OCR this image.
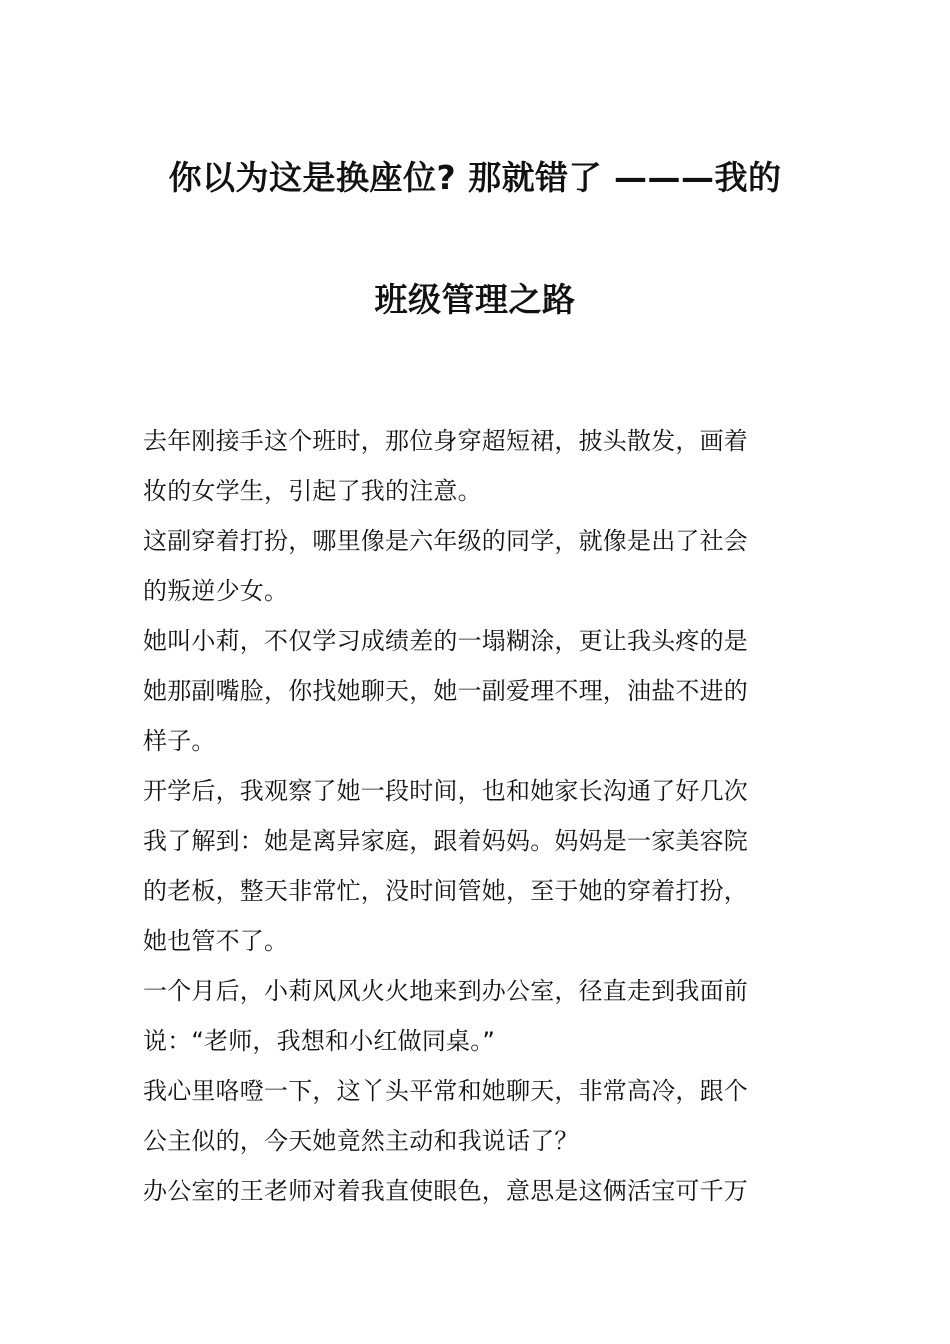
你以为这是换座位? 那就错了 ———我的
班级管理之路
去年刚接手这个班时，那位身穿超短裙，披头散发，画着
妆的女学生，引起了我的注意。
这副穿着打扮，哪里像是六年级的同学，就像是出了社会
的叛逆少女。
她叫小莉，不仅学习成绩差的一塌糊涂，更让我头疼的是
她那副嘴脸，你找她聊天，她一副爱理不理，油盐不进的
样子。
开学后，我观察了她一段时间，也和她家长沟通了好几次
我了解到：她是离异家庭，跟着妈妈。妈妈是一家美容院
的老板，整天非常忙，没时间管她，至于她的穿着打扮，
她也管不了。
一个月后，小莉风风火火地来到办公室，径直走到我面前
说：“老师，我想和小红做同桌。”
我心里咯噔一下，这丫头平常和她聊天，非常高冷，跟个
公主似的，今天她竟然主动和我说话了？
办公室的王老师对着我直使眼色，意思是这俩活宝可千万
